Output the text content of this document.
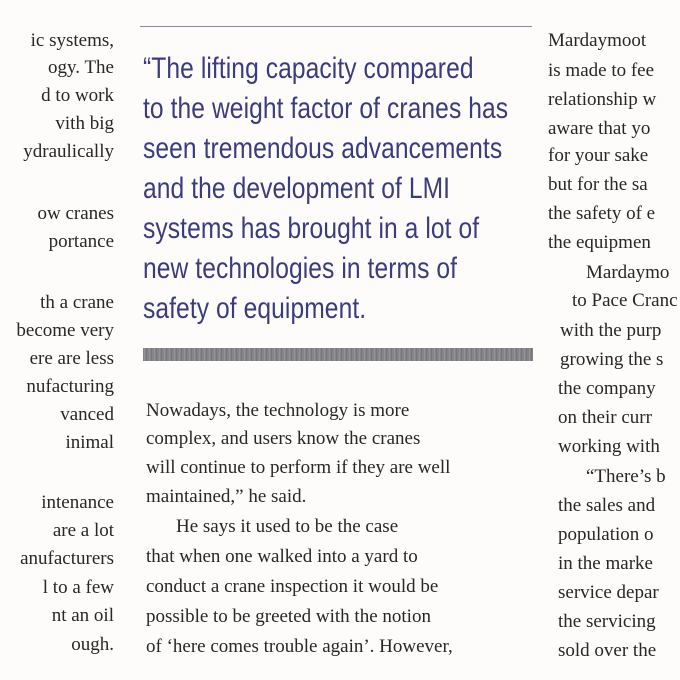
ic systems,
ogy. The
d to work
vith big
ydraulically
ow cranes
portance
th a crane
become very
ere are less
nufacturing
vanced
inimal
intenance
are a lot
anufacturers
l to a few
nt an oil
ough.
“The lifting capacity compared
to the weight factor of cranes has
seen tremendous advancements
and the development of LMI
systems has brought in a lot of
new technologies in terms of
safety of equipment.
Nowadays, the technology is more
complex, and users know the cranes
will continue to perform if they are well
maintained,” he said.
He says it used to be the case
that when one walked into a yard to
conduct a crane inspection it would be
possible to be greeted with the notion
of ‘here comes trouble again’. However,
Mardaymoot
is made to fee
relationship w
aware that yo
for your sake
but for the sa
the safety of e
the equipmen
Mardaymo
to Pace Cranc
with the purp
growing the s
the company
on their curr
working with
“There’s b
the sales and
population o
in the marke
service depar
the servicing
sold over the
